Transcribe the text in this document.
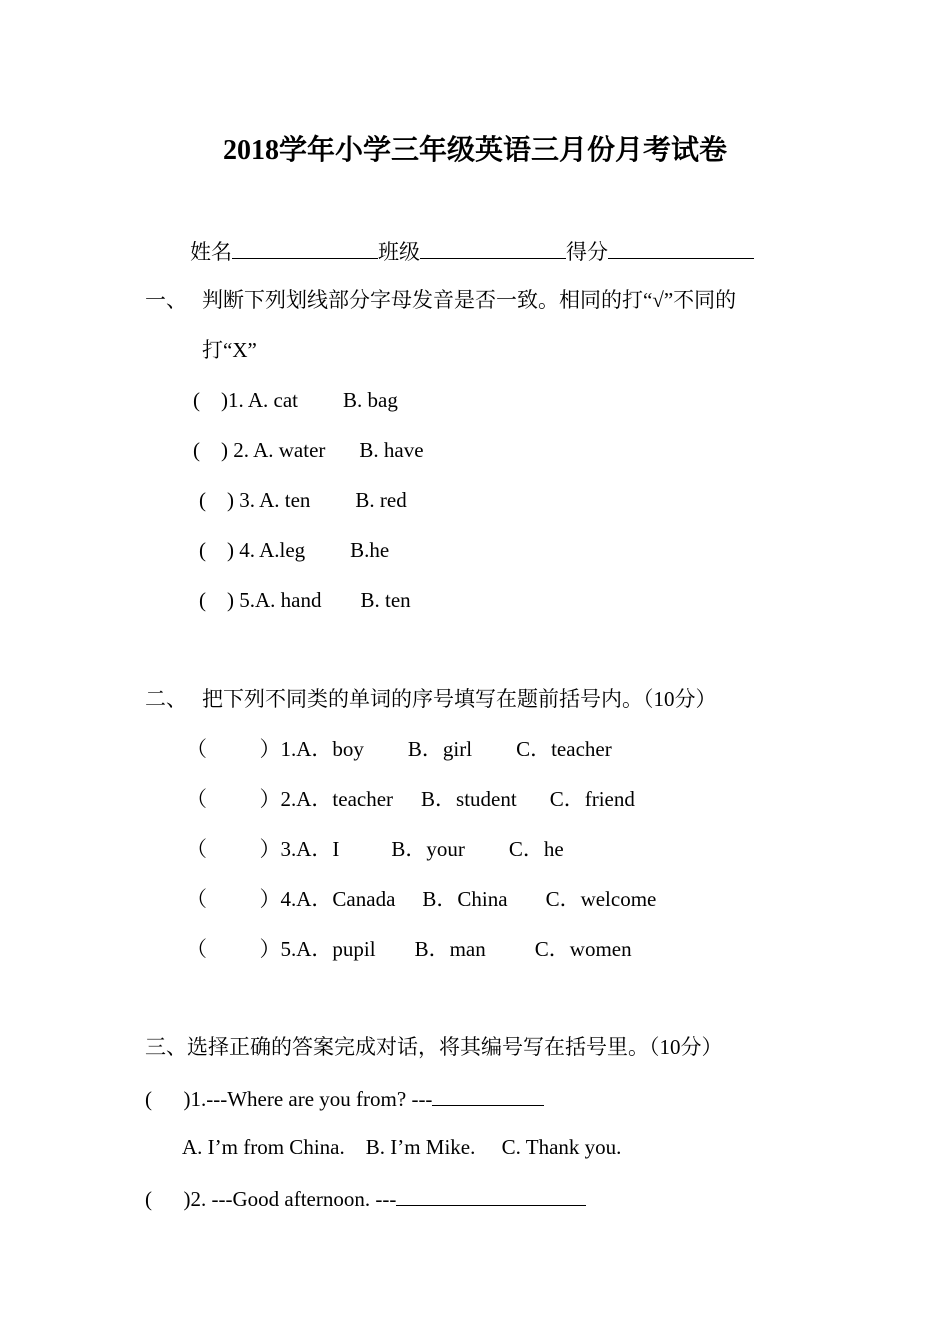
2018学年小学三年级英语三月份月考试卷
姓名	班级	得分
一、 判断下列划线部分字母发音是否一致。相同的打“√”不同的
打“X”
(    )1. A. cat B. bag
(    ) 2. A. water B. have
(    ) 3. A. ten B. red
(    ) 4. A.leg B.he
(    ) 5.A. hand B. ten
二、 把下列不同类的单词的序号填写在题前括号内。（10分）
（          ）1.A．boy B．girl C．teacher
（          ）2.A．teacher B．student C．friend
（          ）3.A．I B．your C．he
（          ）4.A．Canada B．China C．welcome
（          ）5.A．pupil B．man C．women
三、选择正确的答案完成对话，将其编号写在括号里。（10分）
(      )1.---Where are you from? ---
A. I’m from China.    B. I’m Mike.     C. Thank you.
(      )2. ---Good afternoon. ---
